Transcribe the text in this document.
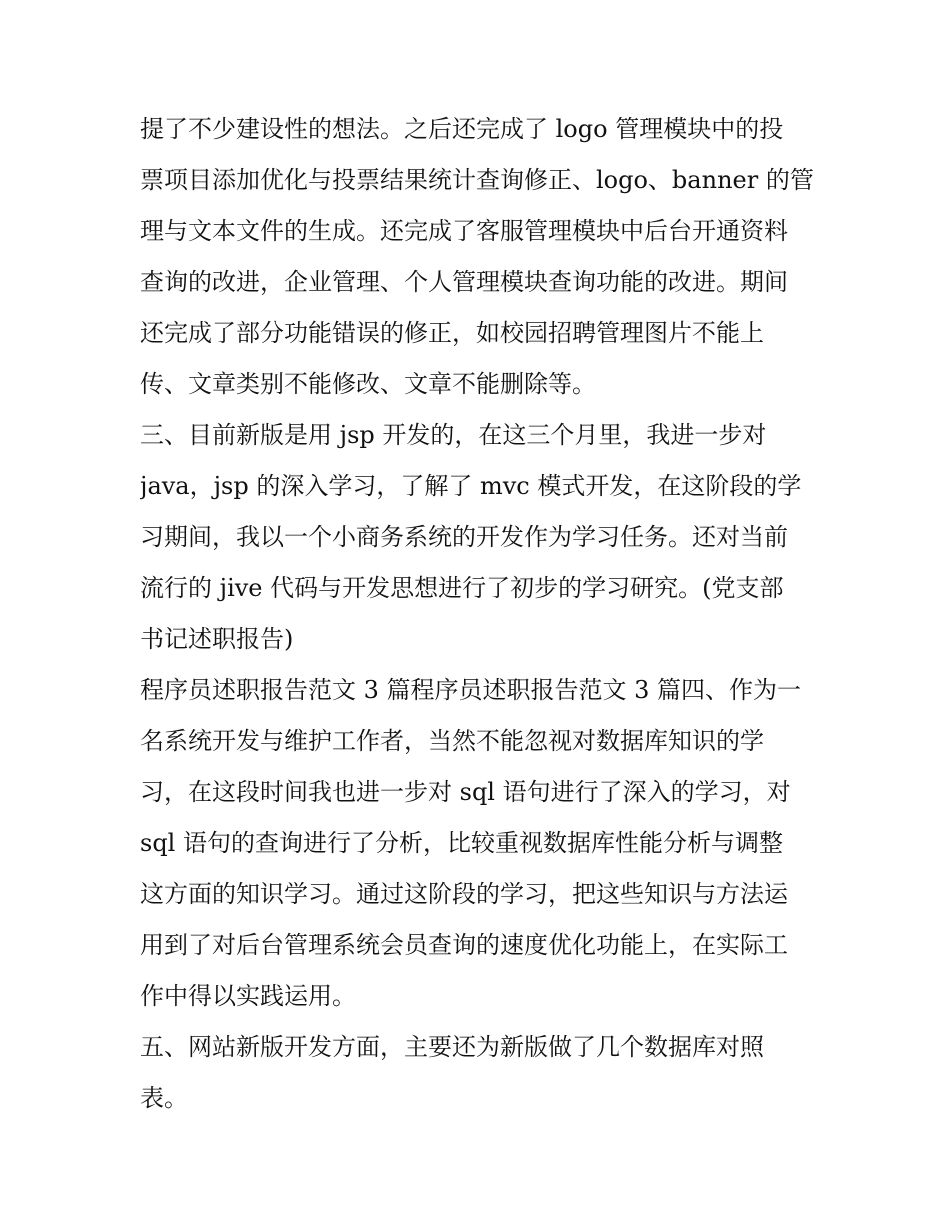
提了不少建设性的想法。之后还完成了 logo 管理模块中的投
票项目添加优化与投票结果统计查询修正、logo、banner 的管
理与文本文件的生成。还完成了客服管理模块中后台开通资料
查询的改进，企业管理、个人管理模块查询功能的改进。期间
还完成了部分功能错误的修正，如校园招聘管理图片不能上
传、文章类别不能修改、文章不能删除等。
三、目前新版是用 jsp 开发的，在这三个月里，我进一步对
java，jsp 的深入学习，了解了 mvc 模式开发，在这阶段的学
习期间，我以一个小商务系统的开发作为学习任务。还对当前
流行的 jive 代码与开发思想进行了初步的学习研究。(党支部
书记述职报告)
程序员述职报告范文 3 篇程序员述职报告范文 3 篇四、作为一
名系统开发与维护工作者，当然不能忽视对数据库知识的学
习，在这段时间我也进一步对 sql 语句进行了深入的学习，对
sql 语句的查询进行了分析，比较重视数据库性能分析与调整
这方面的知识学习。通过这阶段的学习，把这些知识与方法运
用到了对后台管理系统会员查询的速度优化功能上，在实际工
作中得以实践运用。
五、网站新版开发方面，主要还为新版做了几个数据库对照
表。
